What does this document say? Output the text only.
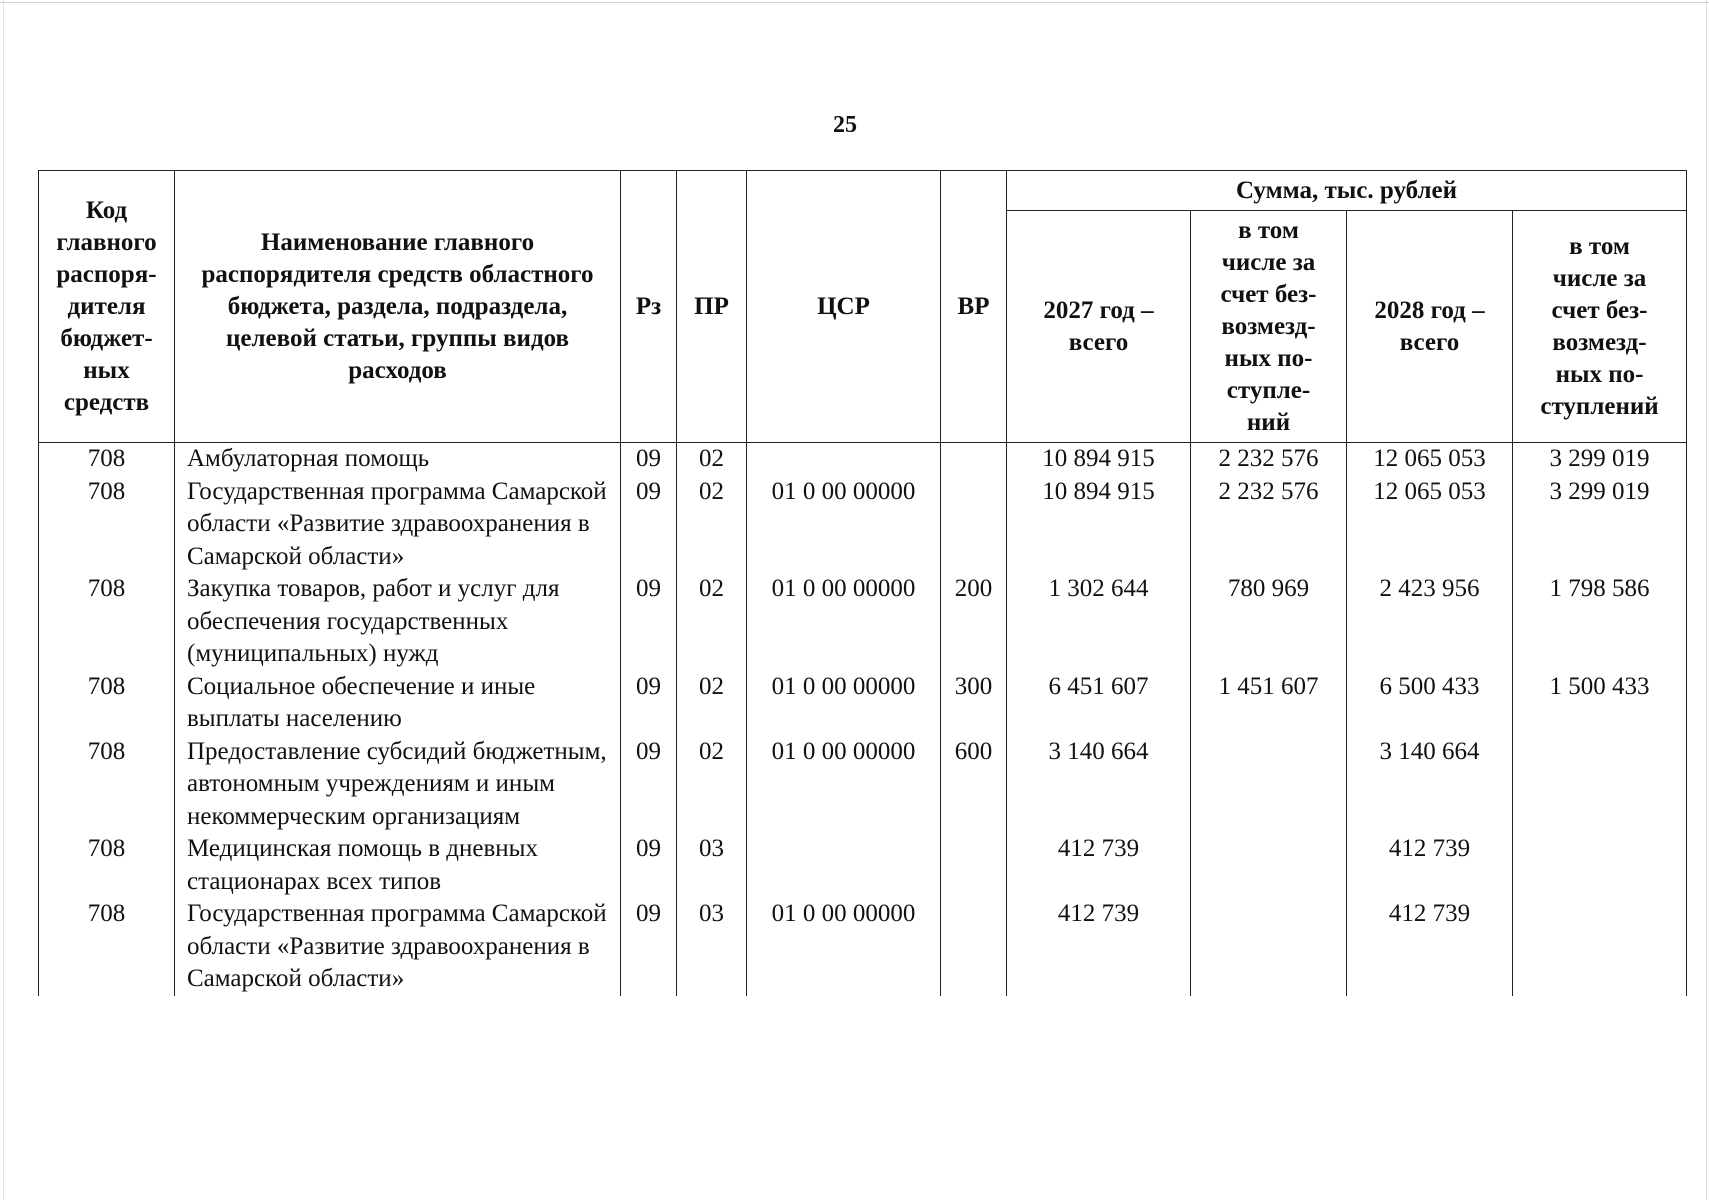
25
Код главного распоря-дителя бюджет-ных средств	Наименование главного распорядителя средств областного бюджета, раздела, подраздела, целевой статьи, группы видов расходов	Рз	ПР	ЦСР	ВР	Сумма, тыс. рублей			
						2027 год – всего	в том числе за счет без-возмезд-ных по-ступле-ний	2028 год – всего	в том числе за счет без-возмезд-ных по-ступлений
708	Амбулаторная помощь	09	02			10 894 915	2 232 576	12 065 053	3 299 019
708	Государственная программа Самарской области «Развитие здравоохранения в Самарской области»	09	02	01 0 00 00000		10 894 915	2 232 576	12 065 053	3 299 019
708	Закупка товаров, работ и услуг для обеспечения государственных (муниципальных) нужд	09	02	01 0 00 00000	200	1 302 644	780 969	2 423 956	1 798 586
708	Социальное обеспечение и иные выплаты населению	09	02	01 0 00 00000	300	6 451 607	1 451 607	6 500 433	1 500 433
708	Предоставление субсидий бюджетным, автономным учреждениям и иным некоммерческим организациям	09	02	01 0 00 00000	600	3 140 664		3 140 664	
708	Медицинская помощь в дневных стационарах всех типов	09	03			412 739		412 739	
708	Государственная программа Самарской области «Развитие здравоохранения в Самарской области»	09	03	01 0 00 00000		412 739		412 739	
